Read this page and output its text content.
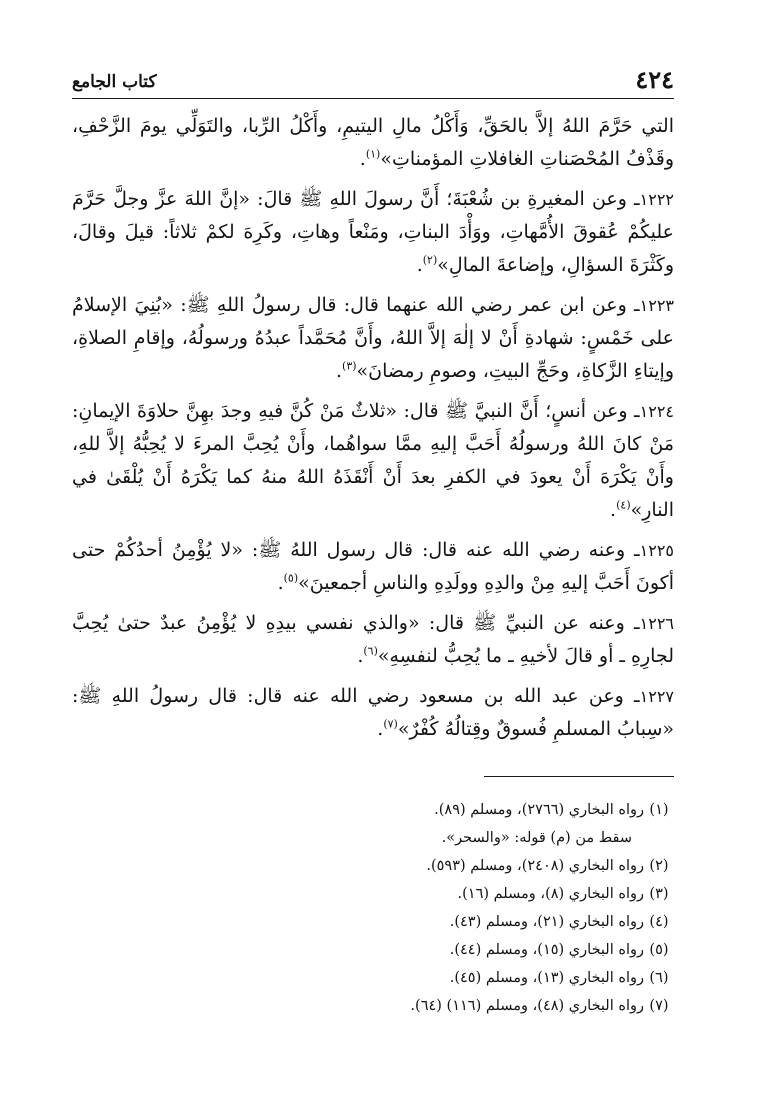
٤٢٤
كتاب الجامع

التي حَرَّمَ اللهُ إلاَّ بالحَقِّ، وَأَكْلُ مالِ اليتيمِ، وأَكْلُ الرِّبا، والتَوَلِّي يومَ الزَّحْفِ، وقَذْفُ المُحْصَناتِ الغافلاتِ المؤمناتِ»$^{(١)}$.

١٢٢٢ـ وعن المغيرةِ بن شُعْبَةَ؛ أَنَّ رسولَ اللهِ ﷺ قالَ: «إنَّ اللهَ عزَّ وجلَّ حَرَّمَ عليكُمْ عُقوقَ الأُمَّهاتِ، ووَأْدَ البناتِ، ومَنْعاً وهاتِ، وكَرِهَ لكمْ ثلاثاً: قيلَ وقالَ، وكَثْرَةَ السؤالِ، وإضاعةَ المالِ»$^{(٢)}$.

١٢٢٣ـ وعن ابن عمر رضي الله عنهما قال: قال رسولُ اللهِ ﷺ: «بُنِيَ الإسلامُ على خَمْسٍ: شهادةِ أَنْ لا إلٰهَ إلاَّ اللهُ، وأَنَّ مُحَمَّداً عبدُهُ ورسولُهُ، وإقامِ الصلاةِ، وإيتاءِ الزَّكاةِ، وحَجِّ البيتِ، وصومِ رمضانَ»$^{(٣)}$.

١٢٢٤ـ وعن أنسٍ؛ أَنَّ النبيَّ ﷺ قال: «ثلاثٌ مَنْ كُنَّ فيهِ وجدَ بهِنَّ حلاوَةَ الإيمانِ: مَنْ كانَ اللهُ ورسولُهُ أَحَبَّ إليهِ ممَّا سواهُما، وأَنْ يُحِبَّ المرءَ لا يُحِبُّهُ إلاَّ للهِ، وأَنْ يَكْرَهَ أَنْ يعودَ في الكفرِ بعدَ أَنْ أَنْقَذَهُ اللهُ منهُ كما يَكْرَهُ أَنْ يُلْقَىٰ في النارِ»$^{(٤)}$.

١٢٢٥ـ وعنه رضي الله عنه قال: قال رسول اللهُ ﷺ: «لا يُؤْمِنُ أحدُكُمْ حتى أكونَ أَحَبَّ إليهِ مِنْ والدِهِ وولَدِهِ والناسِ أجمعينَ»$^{(٥)}$.

١٢٢٦ـ وعنه عن النبيِّ ﷺ قال: «والذي نفسي بيدِهِ لا يُؤْمِنُ عبدٌ حتىٰ يُحِبَّ لجارِهِ ـ أو قالَ لأخيهِ ـ ما يُحِبُّ لنفسِهِ»$^{(٦)}$.

١٢٢٧ـ وعن عبد الله بن مسعود رضي الله عنه قال: قال رسولُ اللهِ ﷺ: «سِبابُ المسلمِ فُسوقٌ وقِتالُهُ كُفْرٌ»$^{(٧)}$.

(١)
رواه البخاري (٢٧٦٦)، ومسلم (٨٩).
سقط من (م) قوله: «والسحر».
(٢)
رواه البخاري (٢٤٠٨)، ومسلم (٥٩٣).
(٣)
رواه البخاري (٨)، ومسلم (١٦).
(٤)
رواه البخاري (٢١)، ومسلم (٤٣).
(٥)
رواه البخاري (١٥)، ومسلم (٤٤).
(٦)
رواه البخاري (١٣)، ومسلم (٤٥).
(٧)
رواه البخاري (٤٨)، ومسلم (١١٦) (٦٤).
